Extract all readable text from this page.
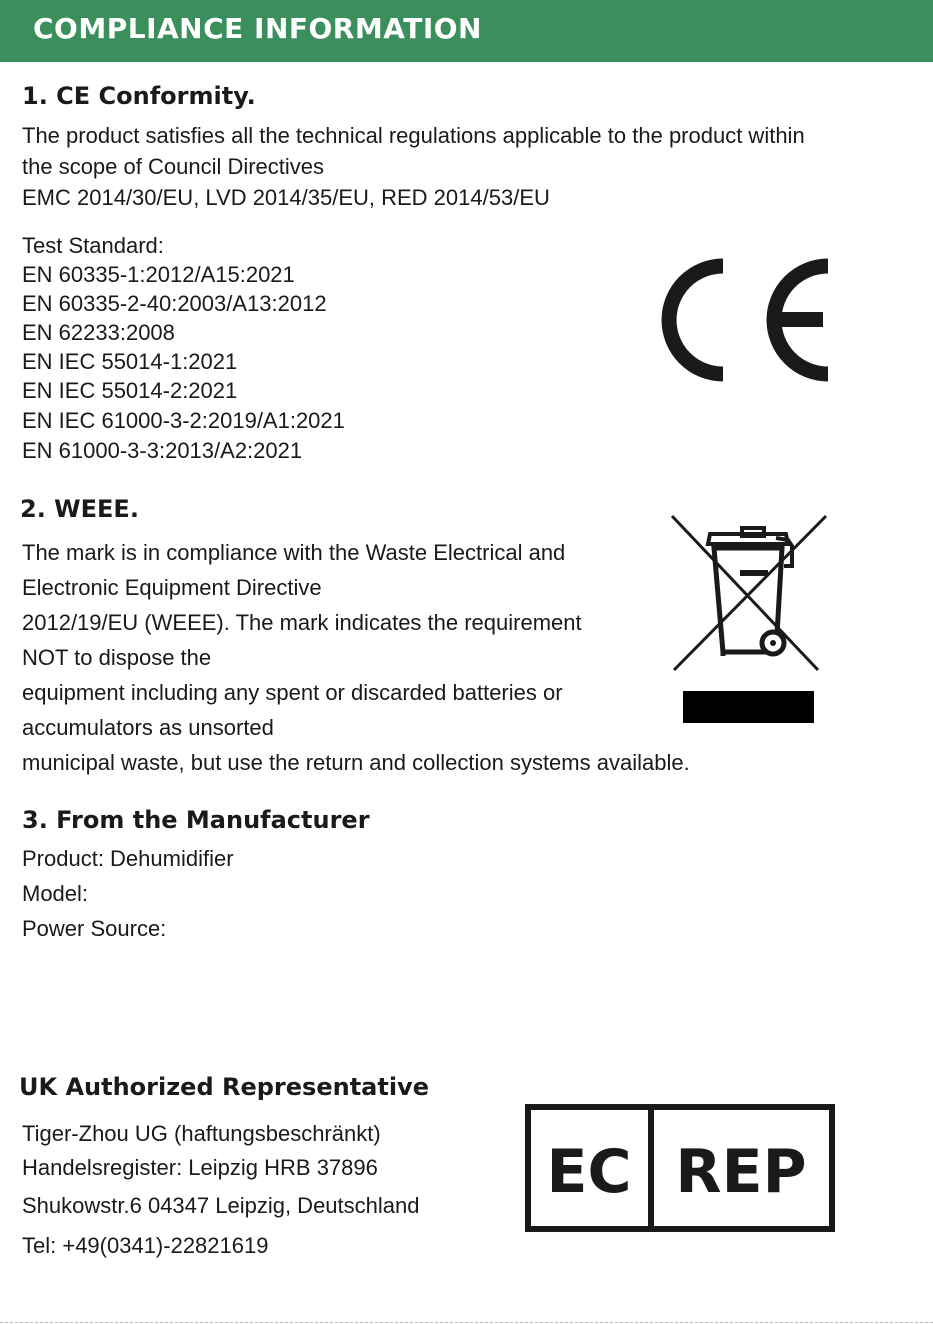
COMPLIANCE INFORMATION
1. CE Conformity.
The product satisfies all the technical regulations applicable to the product within
the scope of Council Directives
EMC 2014/30/EU, LVD 2014/35/EU, RED 2014/53/EU
Test Standard:
EN 60335-1:2012/A15:2021
EN 60335-2-40:2003/A13:2012
EN 62233:2008
EN IEC 55014-1:2021
EN IEC 55014-2:2021
EN IEC 61000-3-2:2019/A1:2021
EN 61000-3-3:2013/A2:2021
2. WEEE.
The mark is in compliance with the Waste Electrical and
Electronic Equipment Directive
2012/19/EU (WEEE). The mark indicates the requirement
NOT to dispose the
equipment including any spent or discarded batteries or
accumulators as unsorted
municipal waste, but use the return and collection systems available.
3. From the Manufacturer
Product: Dehumidifier
Model:
Power Source:
UK Authorized Representative
Tiger-Zhou UG (haftungsbeschränkt)
Handelsregister: Leipzig HRB 37896
Shukowstr.6 04347 Leipzig, Deutschland
Tel: +49(0341)-22821619
EC REP
